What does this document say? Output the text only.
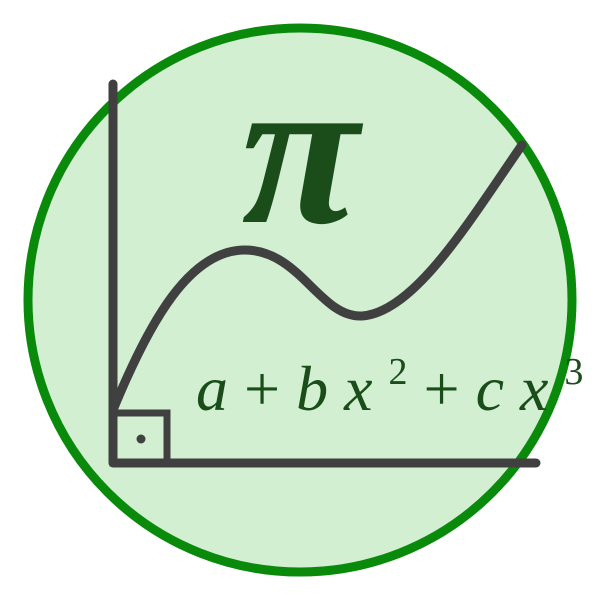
π
a + b x $^2$ + c x $^3$
